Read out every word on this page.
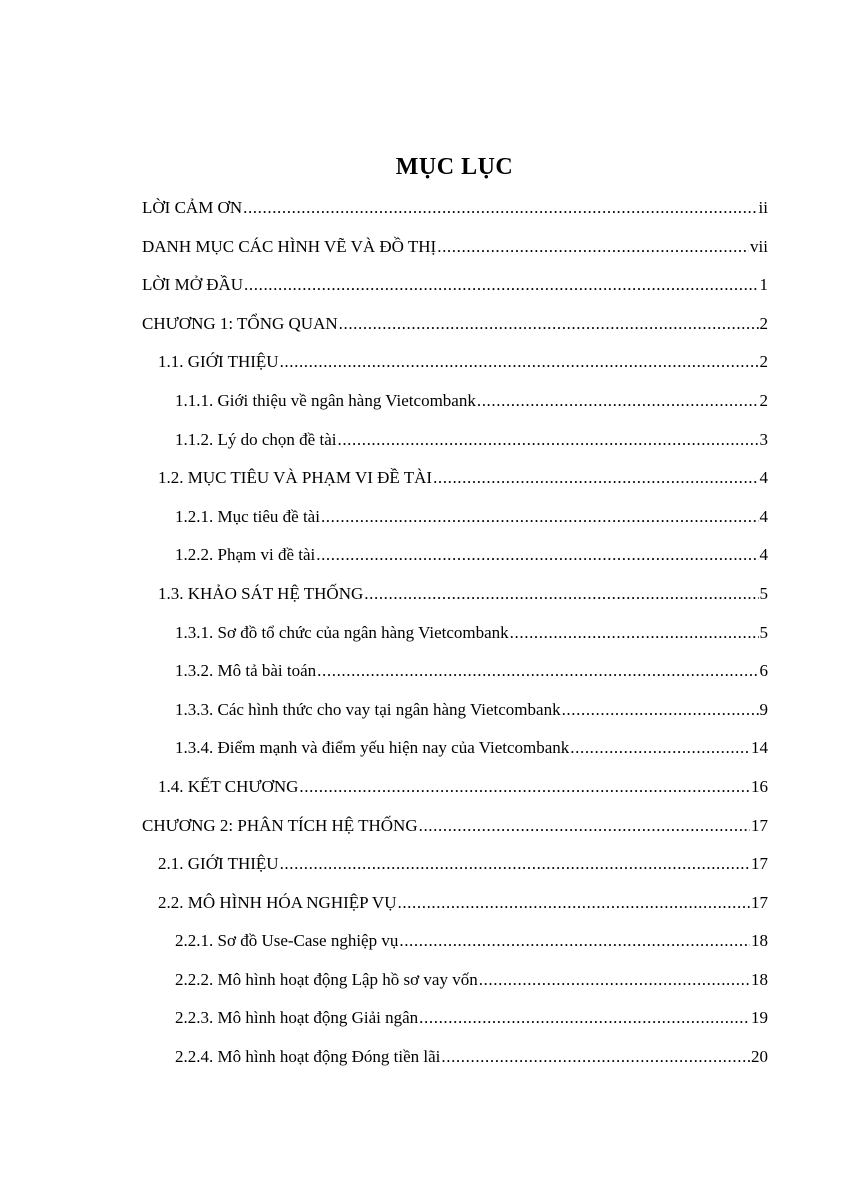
MỤC LỤC
LỜI CẢM ƠN .....	ii
DANH MỤC CÁC HÌNH VẼ VÀ ĐỒ THỊ .....	vii
LỜI MỞ ĐẦU .....	1
CHƯƠNG 1: TỔNG QUAN .....	2
1.1. GIỚI THIỆU .....	2
1.1.1. Giới thiệu về ngân hàng Vietcombank .....	2
1.1.2. Lý do chọn đề tài .....	3
1.2. MỤC TIÊU VÀ PHẠM VI ĐỀ TÀI .....	4
1.2.1. Mục tiêu đề tài .....	4
1.2.2. Phạm vi đề tài .....	4
1.3. KHẢO SÁT HỆ THỐNG .....	5
1.3.1. Sơ đồ tổ chức của ngân hàng Vietcombank .....	5
1.3.2. Mô tả bài toán .....	6
1.3.3. Các hình thức cho vay tại ngân hàng Vietcombank .....	9
1.3.4. Điểm mạnh và điểm yếu hiện nay của Vietcombank .....	14
1.4. KẾT CHƯƠNG .....	16
CHƯƠNG 2: PHÂN TÍCH HỆ THỐNG .....	17
2.1. GIỚI THIỆU .....	17
2.2. MÔ HÌNH HÓA NGHIỆP VỤ .....	17
2.2.1. Sơ đồ Use-Case nghiệp vụ .....	18
2.2.2. Mô hình hoạt động Lập hồ sơ vay vốn .....	18
2.2.3. Mô hình hoạt động Giải ngân .....	19
2.2.4. Mô hình hoạt động Đóng tiền lãi .....	20
